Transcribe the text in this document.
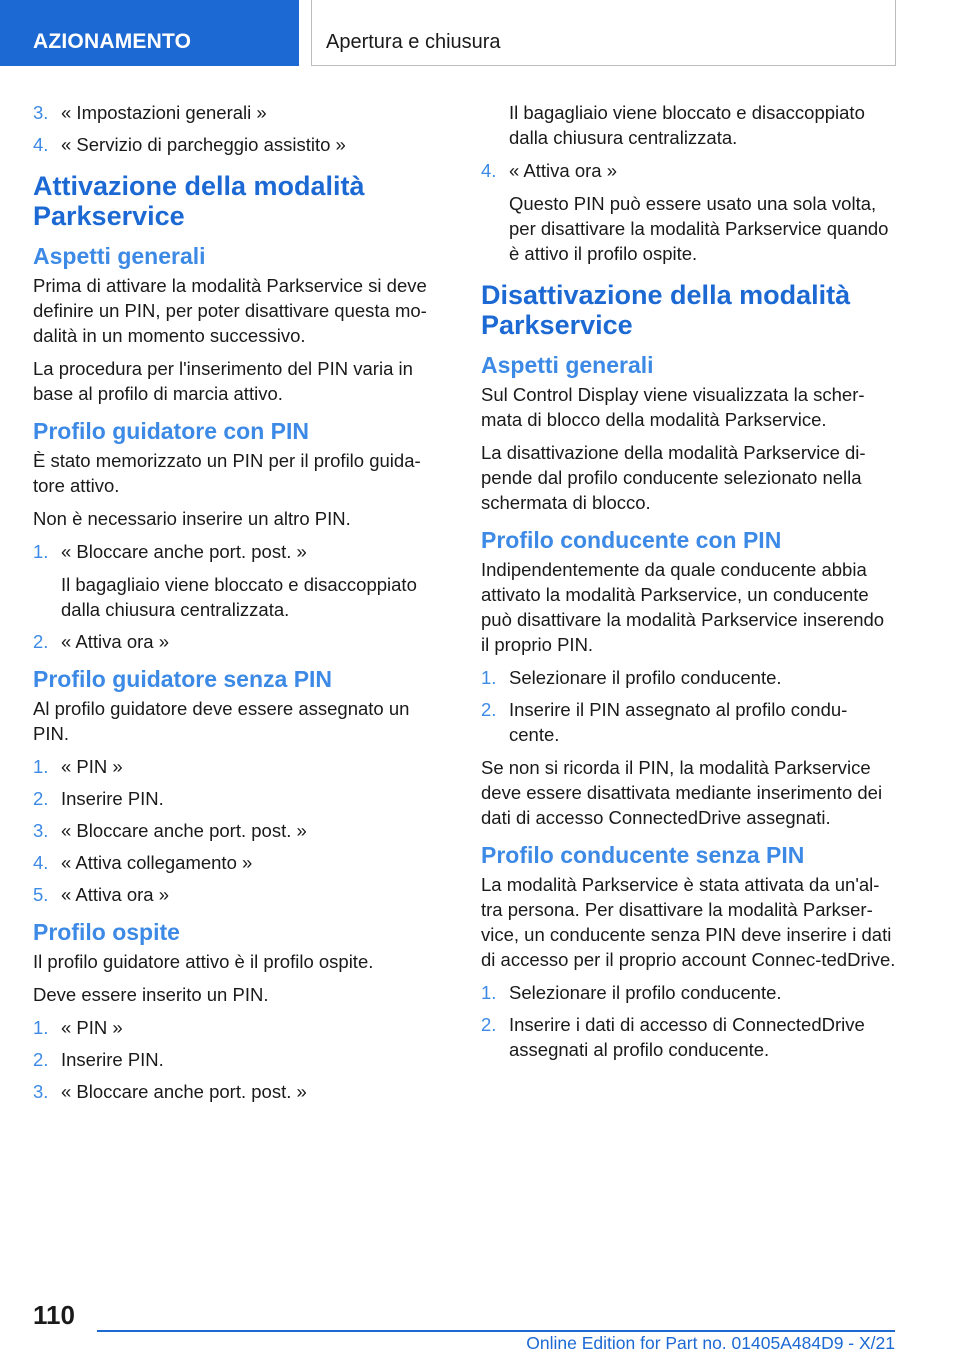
AZIONAMENTO	Apertura e chiusura
3. « Impostazioni generali »
4. « Servizio di parcheggio assistito »
Attivazione della modalità Parkservice
Aspetti generali

Prima di attivare la modalità Parkservice si deve definire un PIN, per poter disattivare questa mo-dalità in un momento successivo.

La procedura per l'inserimento del PIN varia in base al profilo di marcia attivo.

Profilo guidatore con PIN

È stato memorizzato un PIN per il profilo guida-tore attivo.

Non è necessario inserire un altro PIN.

1. « Bloccare anche port. post. »
Il bagagliaio viene bloccato e disaccoppiato dalla chiusura centralizzata.
2. « Attiva ora »
Profilo guidatore senza PIN

Al profilo guidatore deve essere assegnato un PIN.

1. « PIN »
2. Inserire PIN.
3. « Bloccare anche port. post. »
4. « Attiva collegamento »
5. « Attiva ora »
Profilo ospite

Il profilo guidatore attivo è il profilo ospite.

Deve essere inserito un PIN.

1. « PIN »
2. Inserire PIN.
3. « Bloccare anche port. post. »

Il bagagliaio viene bloccato e disaccoppiato dalla chiusura centralizzata.

4. « Attiva ora »
Questo PIN può essere usato una sola volta, per disattivare la modalità Parkservice quando è attivo il profilo ospite.
Disattivazione della modalità Parkservice
Aspetti generali

Sul Control Display viene visualizzata la scher-mata di blocco della modalità Parkservice.

La disattivazione della modalità Parkservice di-pende dal profilo conducente selezionato nella schermata di blocco.

Profilo conducente con PIN

Indipendentemente da quale conducente abbia attivato la modalità Parkservice, un conducente può disattivare la modalità Parkservice inserendo il proprio PIN.

1. Selezionare il profilo conducente.
2. Inserire il PIN assegnato al profilo condu-cente.

Se non si ricorda il PIN, la modalità Parkservice deve essere disattivata mediante inserimento dei dati di accesso ConnectedDrive assegnati.

Profilo conducente senza PIN

La modalità Parkservice è stata attivata da un'al-tra persona. Per disattivare la modalità Parkser-vice, un conducente senza PIN deve inserire i dati di accesso per il proprio account Connec-tedDrive.

1. Selezionare il profilo conducente.
2. Inserire i dati di accesso di ConnectedDrive assegnati al profilo conducente.
110
Online Edition for Part no. 01405A484D9 - X/21
